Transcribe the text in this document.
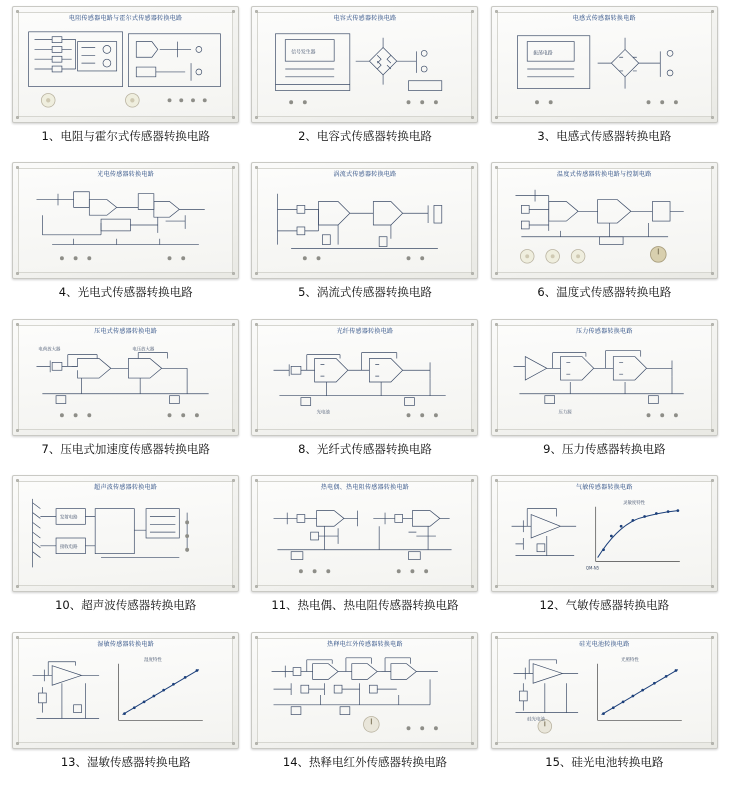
电阻传感器电路与霍尔式传感器转换电路
1、电阻与霍尔式传感器转换电路
电容式传感器转换电路
信号发生器
2、电容式传感器转换电路
电感式传感器转换电路
振荡电路
3、电感式传感器转换电路
光电传感器转换电路
4、光电式传感器转换电路
涡流式传感器转换电路
5、涡流式传感器转换电路
温度式传感器转换电路与控制电路
6、温度式传感器转换电路
压电式传感器转换电路
电荷放大器	电压放大器
7、压电式加速度传感器转换电路
光纤传感器转换电路
光电池
8、光纤式传感器转换电路
压力传感器转换电路
压力源
9、压力传感器转换电路
超声波传感器转换电路
发射电路
接收电路
10、超声波传感器转换电路
热电偶、热电阻传感器转换电路
11、热电偶、热电阻传感器转换电路
气敏传感器转换电路
灵敏度特性
QM-N5
12、气敏传感器转换电路
湿敏传感器转换电路
湿度特性
13、湿敏传感器转换电路
热释电红外传感器转换电路
14、热释电红外传感器转换电路
硅光电池转换电路
硅光电池
光照特性
15、硅光电池转换电路
